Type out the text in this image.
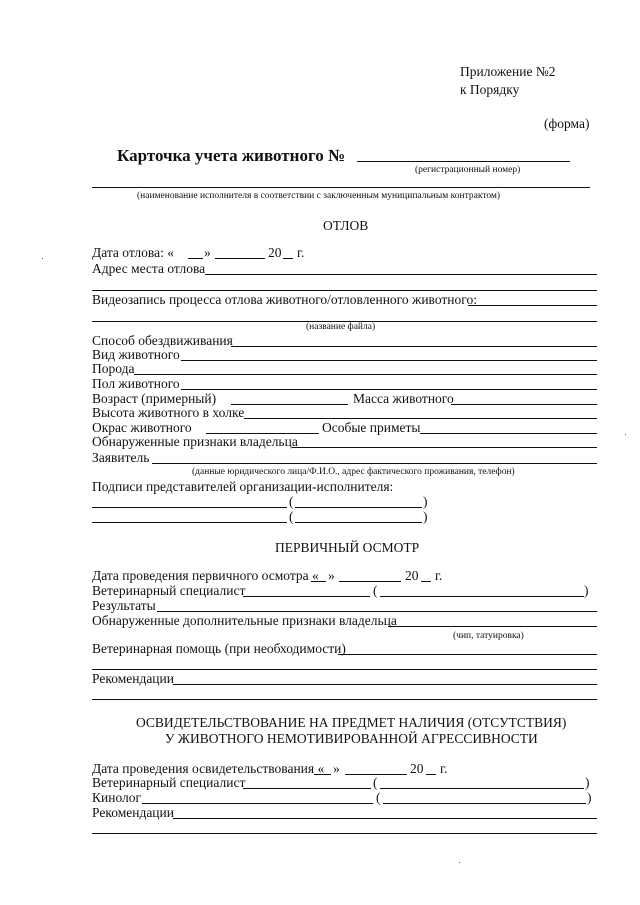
Приложение №2
к Порядку
(форма)
Карточка учета животного №
(регистрационный номер)
(наименование исполнителя в соответствии с заключенным муниципальным контрактом)
ОТЛОВ
Дата отлова: « »	20 г.
Адрес места отлова
Видеозапись процесса отлова животного/отловленного животного:
(название файла)
Способ обездвиживания
Вид животного
Порода
Пол животного
Возраст (примерный)	Масса животного
Высота животного в холке
Окрас животного	Особые приметы
Обнаруженные признаки владельца
Заявитель
(данные юридического лица/Ф.И.О., адрес фактического проживания, телефон)
Подписи представителей организации-исполнителя:
(	)
(	)
ПЕРВИЧНЫЙ ОСМОТР
Дата проведения первичного осмотра « »	20 г.
Ветеринарный специалист	(	)
Результаты
Обнаруженные дополнительные признаки владельца
(чип, татуировка)
Ветеринарная помощь (при необходимости)
Рекомендации
ОСВИДЕТЕЛЬСТВОВАНИЕ НА ПРЕДМЕТ НАЛИЧИЯ (ОТСУТСТВИЯ)
У ЖИВОТНОГО НЕМОТИВИРОВАННОЙ АГРЕССИВНОСТИ
Дата проведения освидетельствования « »	20 г.
Ветеринарный специалист	(	)
Кинолог	(	)
Рекомендации
